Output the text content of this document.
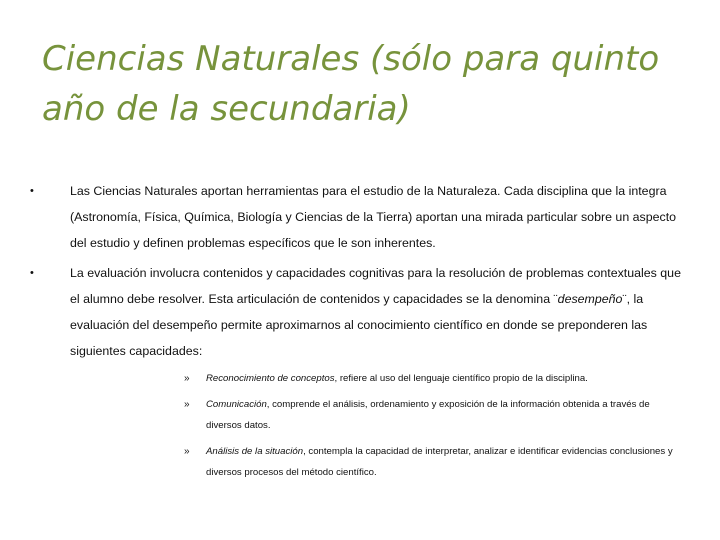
Ciencias Naturales (sólo para quinto
año de la secundaria)
•	Las Ciencias Naturales aportan herramientas para el estudio de la Naturaleza. Cada disciplina que la integra (Astronomía, Física, Química, Biología y Ciencias de la Tierra) aportan una mirada particular sobre un aspecto del estudio y definen problemas específicos que le son inherentes.
•	La evaluación involucra contenidos y capacidades cognitivas para la resolución de problemas contextuales que el alumno debe resolver. Esta articulación de contenidos y capacidades se la denomina ¨desempeño¨, la evaluación del desempeño permite aproximarnos al conocimiento científico en donde se preponderen las siguientes capacidades:
» Reconocimiento de conceptos, refiere al uso del lenguaje científico propio de la disciplina.
» Comunicación, comprende el análisis, ordenamiento y exposición de la información obtenida a través de diversos datos.
» Análisis de la situación, contempla la capacidad de interpretar, analizar e identificar evidencias conclusiones y diversos procesos del método científico.
